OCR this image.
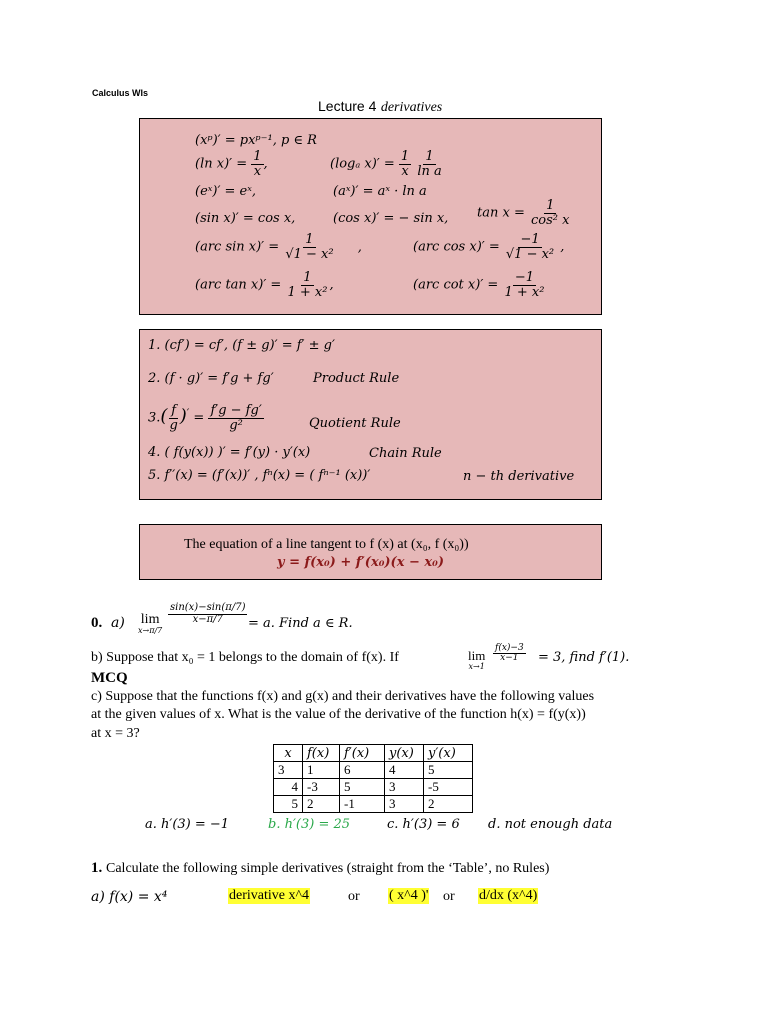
Calculus WIs
Lecture 4 derivatives
(xᵖ)′ = pxᵖ⁻¹, p ∈ R
(ln $x)' = \frac{1}{x}$ ,	(logₐ $x)' = \frac{1}{x}$
$\frac{1}{\text{ln a}}$
(eˣ)′ = eˣ,	(aˣ)′ = aˣ · ln a
(sin x)′ = cos x,	(cos x)′ = − sin x, $\tan x = \frac{1}{\text{cos² x}}$
(arc $\sin x)' = \frac{1}{\text{√1 − x²}}$ ,	(arc $\cos x)' = \frac{-1}{\text{√1 − x²}}$ ,
(arc $\tan x)' = \frac{1}{\text{1 + x²}}$ ,	(arc $\cot x)' = \frac{-1}{\text{1 + x²}}$
1. (cf′) = cf′, (f ± g)′ = f′ ± g′
2. (f · g)′ = f′g + fg′	Product Rule
$3.( \frac{f}{g} )' = \frac{f'g - fg'}{\text{g²}}$	Quotient Rule
4. ( f(y(x)) )′ = f′(y) · y′(x)	Chain Rule
5. f′′(x) = (f′(x))′ , fⁿ(x) = ( fⁿ⁻¹ (x))′	n − th derivative
The equation of a line tangent to f (x) at (x₀, f (x₀))
y = f(x₀) + f′(x₀)(x − x₀)
0. a) lim
x→π/7
$\frac{\sin(x)-\sin(\pi/7)}{x-\pi/7} = a$. Find a ∈ R.
b) Suppose that x₀ = 1 belongs to the domain of f(x). If	lim
x→1
$\frac{f(x)-3}{x-1} = 3$, find f′(1).
MCQ
c) Suppose that the functions f(x) and g(x) and their derivatives have the following values
at the given values of x. What is the value of the derivative of the function h(x) = f(y(x))
at x = 3?
x	f(x)	f′(x)	y(x)	y′(x)
3	1	6	4	5
4	-3	5	3	-5
5	2	-1	3	2
a. h′(3) = −1	b. h′(3) = 25	c. h′(3) = 6 d. not enough data
1. Calculate the following simple derivatives (straight from the ‘Table’, no Rules)
a) f(x) = x⁴	derivative x^4	or ( x^4 )' or d/dx (x^4)
